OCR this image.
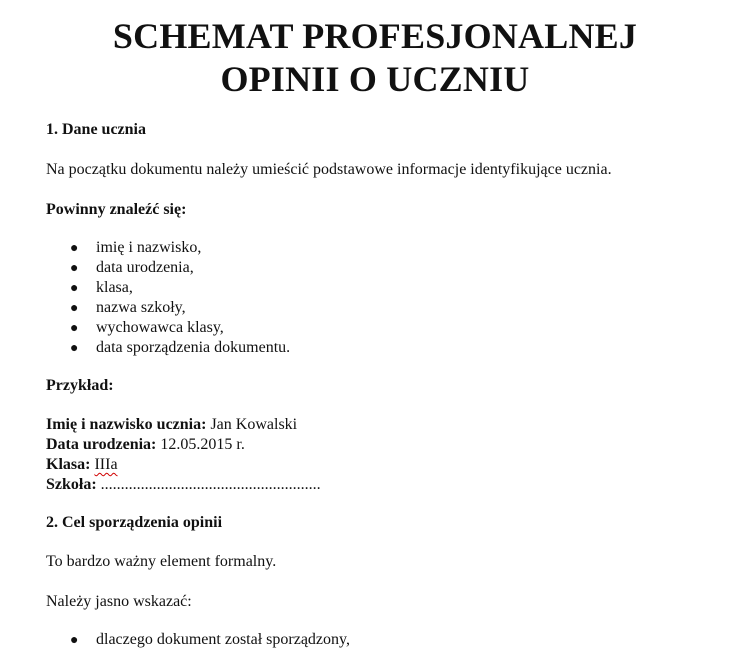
SCHEMAT PROFESJONALNEJ
OPINII O UCZNIU
1. Dane ucznia
Na początku dokumentu należy umieścić podstawowe informacje identyfikujące ucznia.
Powinny znaleźć się:
● imię i nazwisko,
● data urodzenia,
● klasa,
● nazwa szkoły,
● wychowawca klasy,
● data sporządzenia dokumentu.
Przykład:
Imię i nazwisko ucznia: Jan Kowalski
Data urodzenia: 12.05.2015 r.
Klasa: IIIa
Szkoła: .......................................................
2. Cel sporządzenia opinii
To bardzo ważny element formalny.
Należy jasno wskazać:
● dlaczego dokument został sporządzony,
